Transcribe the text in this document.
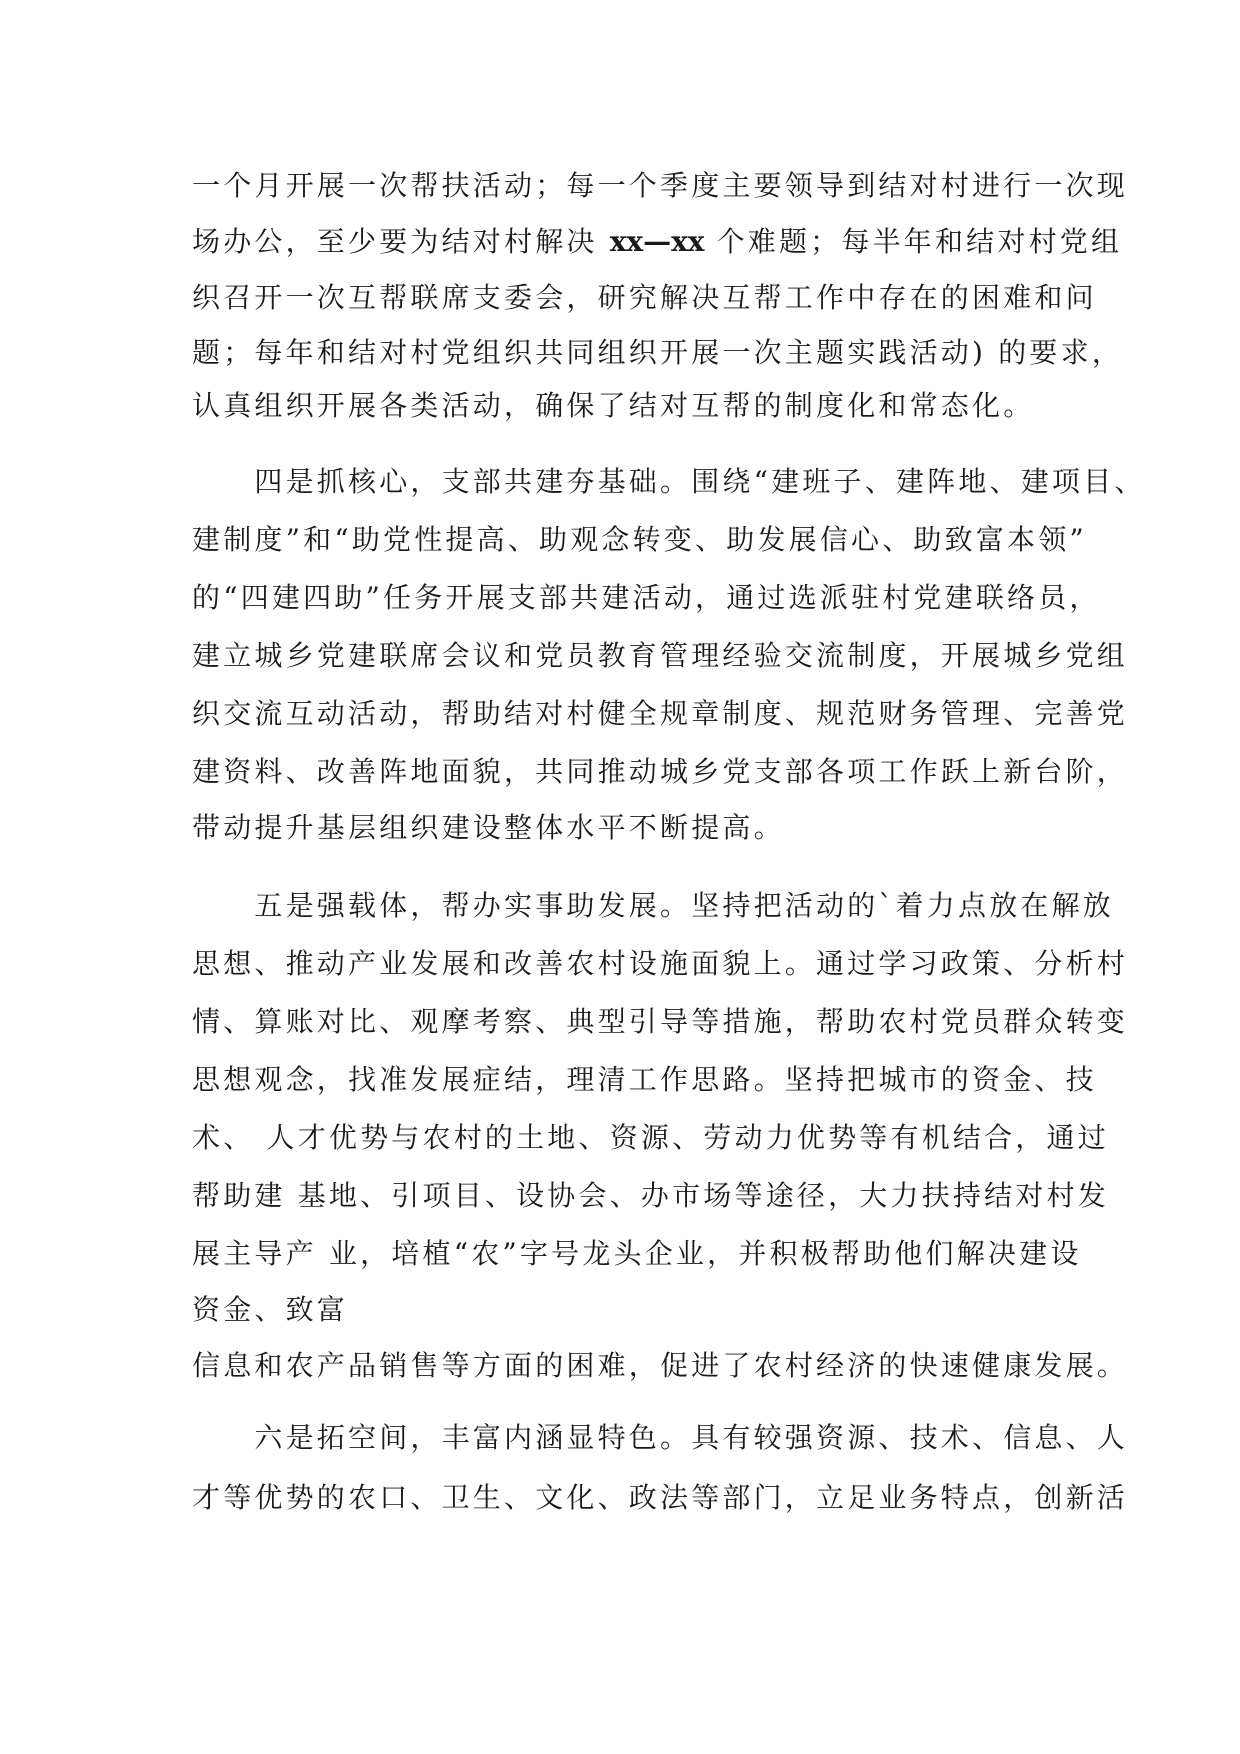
一个月开展一次帮扶活动；每一个季度主要领导到结对村进行一次现
场办公，至少要为结对村解决 xx—xx 个难题；每半年和结对村党组
织召开一次互帮联席支委会，研究解决互帮工作中存在的困难和问
题；每年和结对村党组织共同组织开展一次主题实践活动) 的要求，
认真组织开展各类活动，确保了结对互帮的制度化和常态化。
　　四是抓核心，支部共建夯基础。围绕“建班子、建阵地、建项目、
建制度”和“助党性提高、助观念转变、助发展信心、助致富本领”
的“四建四助”任务开展支部共建活动，通过选派驻村党建联络员，
建立城乡党建联席会议和党员教育管理经验交流制度，开展城乡党组
织交流互动活动，帮助结对村健全规章制度、规范财务管理、完善党
建资料、改善阵地面貌，共同推动城乡党支部各项工作跃上新台阶，
带动提升基层组织建设整体水平不断提高。
　　五是强载体，帮办实事助发展。坚持把活动的`着力点放在解放
思想、推动产业发展和改善农村设施面貌上。通过学习政策、分析村
情、算账对比、观摩考察、典型引导等措施，帮助农村党员群众转变
思想观念，找准发展症结，理清工作思路。坚持把城市的资金、技
术、 人才优势与农村的土地、资源、劳动力优势等有机结合，通过
帮助建 基地、引项目、设协会、办市场等途径，大力扶持结对村发
展主导产 业，培植“农”字号龙头企业，并积极帮助他们解决建设
资金、致富
信息和农产品销售等方面的困难，促进了农村经济的快速健康发展。
　　六是拓空间，丰富内涵显特色。具有较强资源、技术、信息、人
才等优势的农口、卫生、文化、政法等部门，立足业务特点，创新活
